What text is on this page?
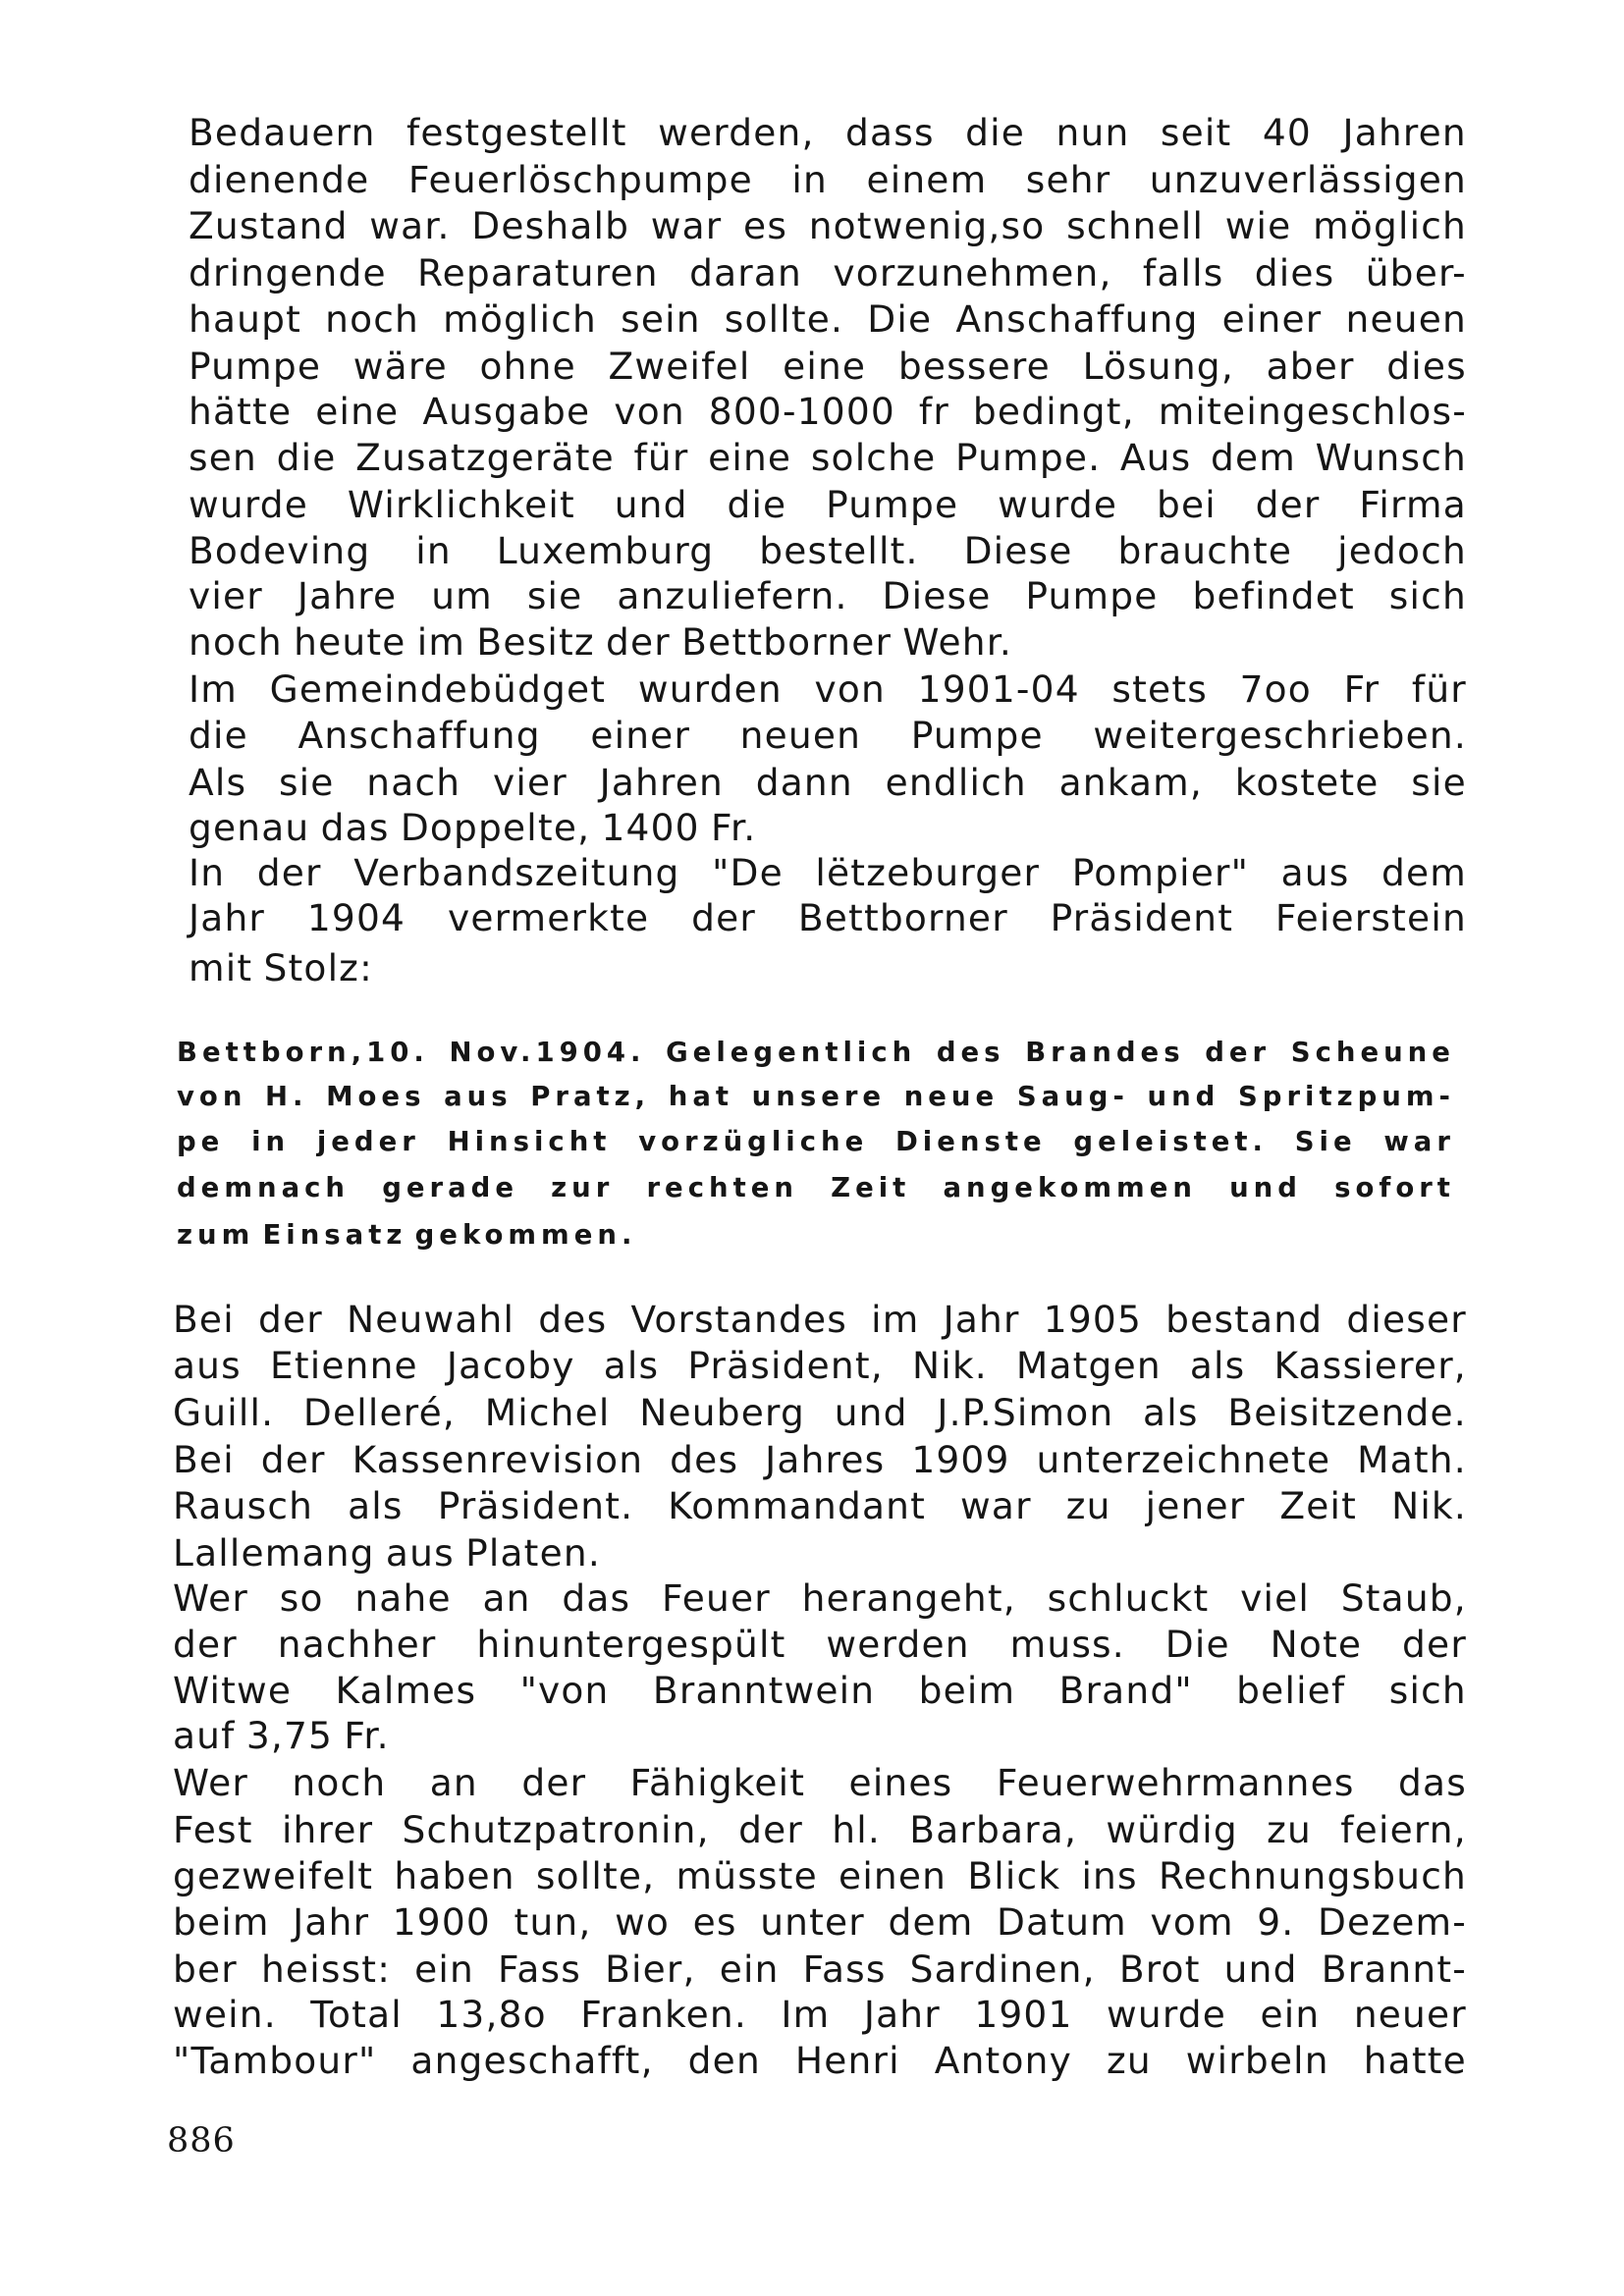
Bedauern festgestellt werden, dass die nun seit 40 Jahren
dienende Feuerlöschpumpe in einem sehr unzuverlässigen
Zustand war. Deshalb war es notwenig,so schnell wie möglich
dringende Reparaturen daran vorzunehmen, falls dies über-
haupt noch möglich sein sollte. Die Anschaffung einer neuen
Pumpe wäre ohne Zweifel eine bessere Lösung, aber dies
hätte eine Ausgabe von 800-1000 fr bedingt, miteingeschlos-
sen die Zusatzgeräte für eine solche Pumpe. Aus dem Wunsch
wurde Wirklichkeit und die Pumpe wurde bei der Firma
Bodeving in Luxemburg bestellt. Diese brauchte jedoch
vier Jahre um sie anzuliefern. Diese Pumpe befindet sich
noch heute im Besitz der Bettborner Wehr.
Im Gemeindebüdget wurden von 1901-04 stets 7oo Fr für
die Anschaffung einer neuen Pumpe weitergeschrieben.
Als sie nach vier Jahren dann endlich ankam, kostete sie
genau das Doppelte, 1400 Fr.
In der Verbandszeitung "De lëtzeburger Pompier" aus dem
Jahr 1904 vermerkte der Bettborner Präsident Feierstein
mit Stolz:
Bettborn,10. Nov.1904. Gelegentlich des Brandes der Scheune
von H. Moes aus Pratz, hat unsere neue Saug- und Spritzpum-
pe in jeder Hinsicht vorzügliche Dienste geleistet. Sie war
demnach gerade zur rechten Zeit angekommen und sofort
zum Einsatz gekommen.
Bei der Neuwahl des Vorstandes im Jahr 1905 bestand dieser
aus Etienne Jacoby als Präsident, Nik. Matgen als Kassierer,
Guill. Delleré, Michel Neuberg und J.P.Simon als Beisitzende.
Bei der Kassenrevision des Jahres 1909 unterzeichnete Math.
Rausch als Präsident. Kommandant war zu jener Zeit Nik.
Lallemang aus Platen.
Wer so nahe an das Feuer herangeht, schluckt viel Staub,
der nachher hinuntergespült werden muss. Die Note der
Witwe Kalmes "von Branntwein beim Brand" belief sich
auf 3,75 Fr.
Wer noch an der Fähigkeit eines Feuerwehrmannes das
Fest ihrer Schutzpatronin, der hl. Barbara, würdig zu feiern,
gezweifelt haben sollte, müsste einen Blick ins Rechnungsbuch
beim Jahr 1900 tun, wo es unter dem Datum vom 9. Dezem-
ber heisst: ein Fass Bier, ein Fass Sardinen, Brot und Brannt-
wein. Total 13,8o Franken. Im Jahr 1901 wurde ein neuer
"Tambour" angeschafft, den Henri Antony zu wirbeln hatte
886
